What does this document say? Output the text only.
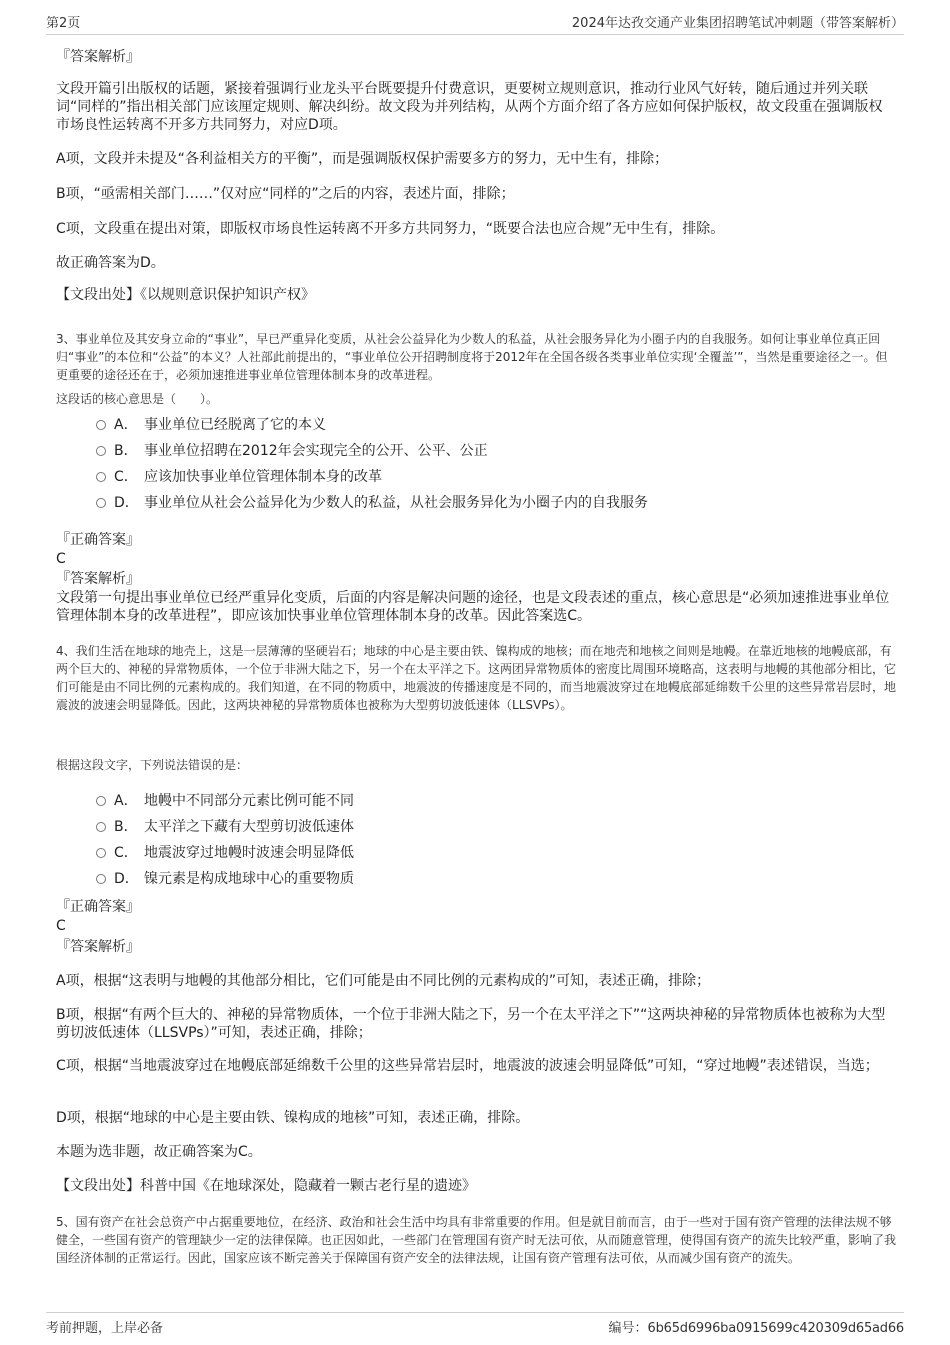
第2页	2024年达孜交通产业集团招聘笔试冲刺题（带答案解析）
『答案解析』

文段开篇引出版权的话题，紧接着强调行业龙头平台既要提升付费意识，更要树立规则意识，推动行业风气好转，随后通过并列关联词“同样的”指出相关部门应该厘定规则、解决纠纷。故文段为并列结构，从两个方面介绍了各方应如何保护版权，故文段重在强调版权市场良性运转离不开多方共同努力，对应D项。

A项，文段并未提及“各利益相关方的平衡”，而是强调版权保护需要多方的努力，无中生有，排除；

B项，“亟需相关部门……”仅对应“同样的”之后的内容，表述片面，排除；

C项，文段重在提出对策，即版权市场良性运转离不开多方共同努力，“既要合法也应合规”无中生有，排除。

故正确答案为D。

【文段出处】《以规则意识保护知识产权》

3、事业单位及其安身立命的“事业”，早已严重异化变质，从社会公益异化为少数人的私益，从社会服务异化为小圈子内的自我服务。如何让事业单位真正回归“事业”的本位和“公益”的本义？人社部此前提出的，“事业单位公开招聘制度将于2012年在全国各级各类事业单位实现‘全覆盖’”，当然是重要途径之一。但更重要的途径还在于，必须加速推进事业单位管理体制本身的改革进程。

这段话的核心意思是（　　）。

A． 事业单位已经脱离了它的本义
B． 事业单位招聘在2012年会实现完全的公开、公平、公正
C． 应该加快事业单位管理体制本身的改革
D． 事业单位从社会公益异化为少数人的私益，从社会服务异化为小圈子内的自我服务
『正确答案』
C
『答案解析』

文段第一句提出事业单位已经严重异化变质，后面的内容是解决问题的途径，也是文段表述的重点，核心意思是“必须加速推进事业单位管理体制本身的改革进程”，即应该加快事业单位管理体制本身的改革。因此答案选C。

4、我们生活在地球的地壳上，这是一层薄薄的坚硬岩石；地球的中心是主要由铁、镍构成的地核；而在地壳和地核之间则是地幔。在靠近地核的地幔底部，有两个巨大的、神秘的异常物质体，一个位于非洲大陆之下，另一个在太平洋之下。这两团异常物质体的密度比周围环境略高，这表明与地幔的其他部分相比，它们可能是由不同比例的元素构成的。我们知道，在不同的物质中，地震波的传播速度是不同的，而当地震波穿过在地幔底部延绵数千公里的这些异常岩层时，地震波的波速会明显降低。因此，这两块神秘的异常物质体也被称为大型剪切波低速体（LLSVPs）。

根据这段文字，下列说法错误的是：

A． 地幔中不同部分元素比例可能不同
B． 太平洋之下藏有大型剪切波低速体
C． 地震波穿过地幔时波速会明显降低
D． 镍元素是构成地球中心的重要物质
『正确答案』
C
『答案解析』

A项，根据“这表明与地幔的其他部分相比，它们可能是由不同比例的元素构成的”可知，表述正确，排除；

B项，根据“有两个巨大的、神秘的异常物质体，一个位于非洲大陆之下，另一个在太平洋之下”“这两块神秘的异常物质体也被称为大型剪切波低速体（LLSVPs）”可知，表述正确，排除；

C项，根据“当地震波穿过在地幔底部延绵数千公里的这些异常岩层时，地震波的波速会明显降低”可知，“穿过地幔”表述错误，当选；

D项，根据“地球的中心是主要由铁、镍构成的地核”可知，表述正确，排除。

本题为选非题，故正确答案为C。

【文段出处】科普中国《在地球深处，隐藏着一颗古老行星的遗迹》

5、国有资产在社会总资产中占据重要地位，在经济、政治和社会生活中均具有非常重要的作用。但是就目前而言，由于一些对于国有资产管理的法律法规不够健全，一些国有资产的管理缺少一定的法律保障。也正因如此，一些部门在管理国有资产时无法可依，从而随意管理，使得国有资产的流失比较严重，影响了我国经济体制的正常运行。因此，国家应该不断完善关于保障国有资产安全的法律法规，让国有资产管理有法可依，从而减少国有资产的流失。

考前押题，上岸必备	编号：6b65d6996ba0915699c420309d65ad66
